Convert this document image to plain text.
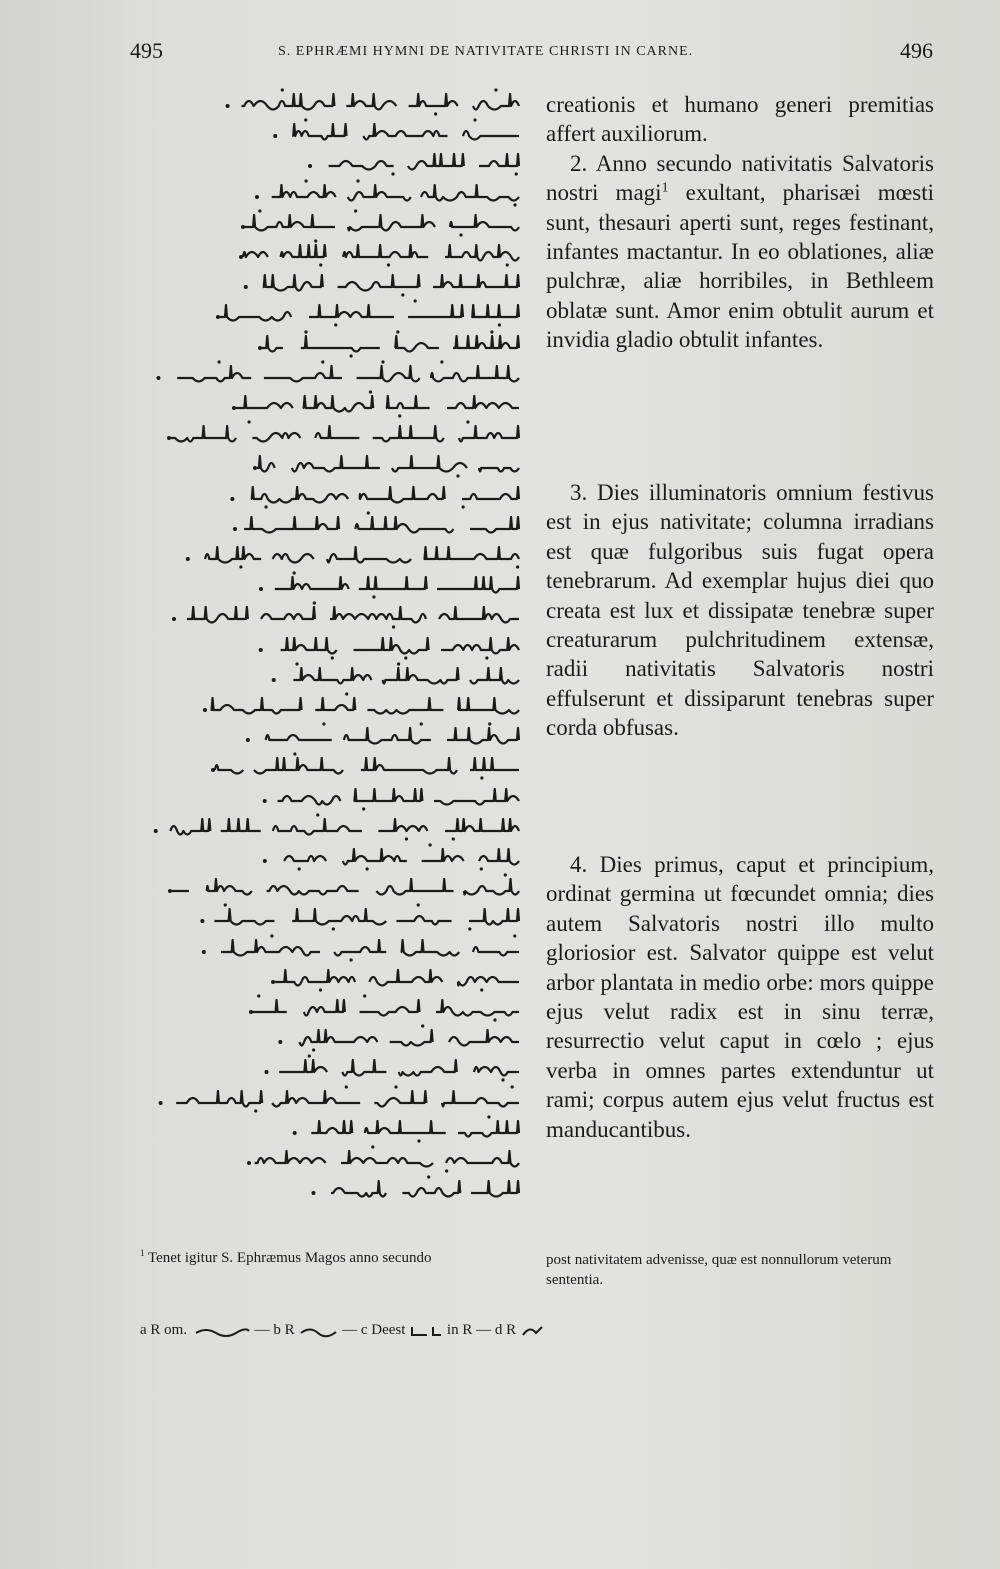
495	S. EPHRÆMI HYMNI DE NATIVITATE CHRISTI IN CARNE.	496

creationis et humano generi premitias affert auxiliorum.

2. Anno secundo nativitatis Salvatoris nostri magi$^1$ exultant, pharisæi mœsti sunt, thesauri aperti sunt, reges festinant, infantes mactantur. In eo oblationes, aliæ pulchræ, aliæ horribiles, in Bethleem oblatæ sunt. Amor enim obtulit aurum et invidia gladio obtulit infantes.

3. Dies illuminatoris omnium festivus est in ejus nativitate; columna irradians est quæ fulgoribus suis fugat opera tenebrarum. Ad exemplar hujus diei quo creata est lux et dissipatæ tenebræ super creaturarum pulchritudinem extensæ, radii nativitatis Salvatoris nostri effulserunt et dissiparunt tenebras super corda obfusas.

4. Dies primus, caput et principium, ordinat germina ut fœcundet omnia; dies autem Salvatoris nostri illo multo gloriosior est. Salvator quippe est velut arbor plantata in medio orbe: mors quippe ejus velut radix est in sinu terræ, resurrectio velut caput in cœlo ; ejus verba in omnes partes extenduntur ut rami; corpus autem ejus velut fructus est manducantibus.

$^1$ Tenet igitur S. Ephræmus Magos anno secundo	post nativitatem advenisse, quæ est nonnullorum veterum sententia.
a R om.	— b R	— c Deest	in R — d R
